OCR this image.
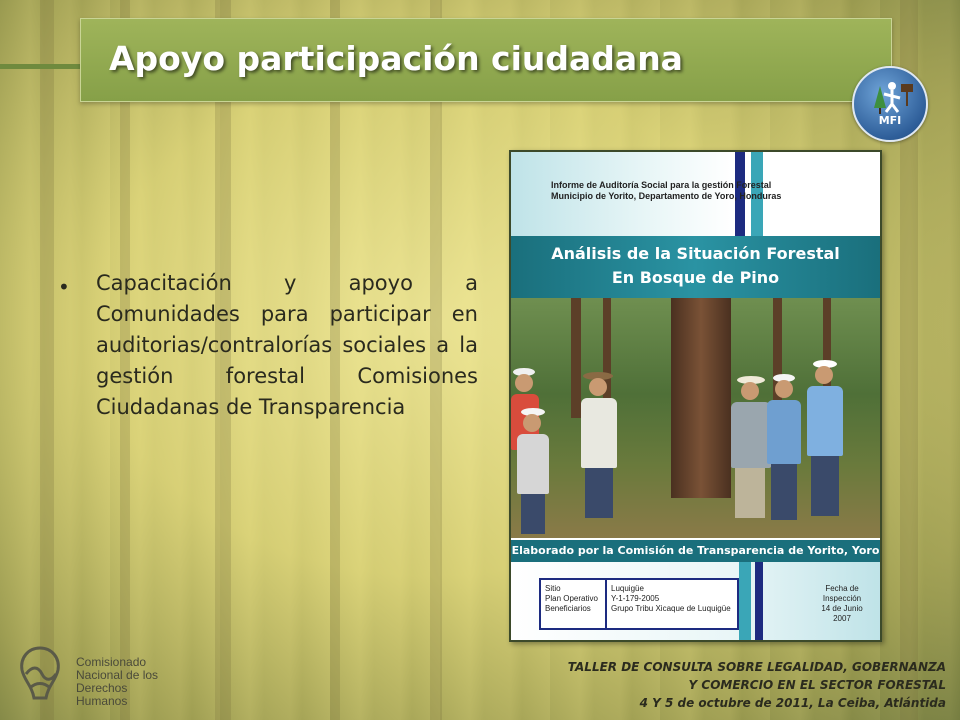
Apoyo participación ciudadana
MFI
• Capacitación y apoyo a Comunidades para participar en auditorias/contralorías sociales a la gestión forestal Comisiones Ciudadanas de Transparencia

Informe de Auditoría Social para la gestión Forestal
Municipio de Yorito, Departamento de Yoro, Honduras
Análisis de la Situación Forestal
En Bosque de Pino
Elaborado por la Comisión de Transparencia de Yorito, Yoro
Sitio
Plan Operativo
Beneficiarios
Luquigüe
Y-1-179-2005
Grupo Tribu Xicaque de Luquigüe
Fecha de
Inspección
14 de Junio
2007
Comisionado
Nacional de los
Derechos
Humanos
TALLER DE CONSULTA SOBRE LEGALIDAD, GOBERNANZA
Y COMERCIO EN EL SECTOR FORESTAL
4 Y 5 de octubre de 2011, La Ceiba, Atlántida
